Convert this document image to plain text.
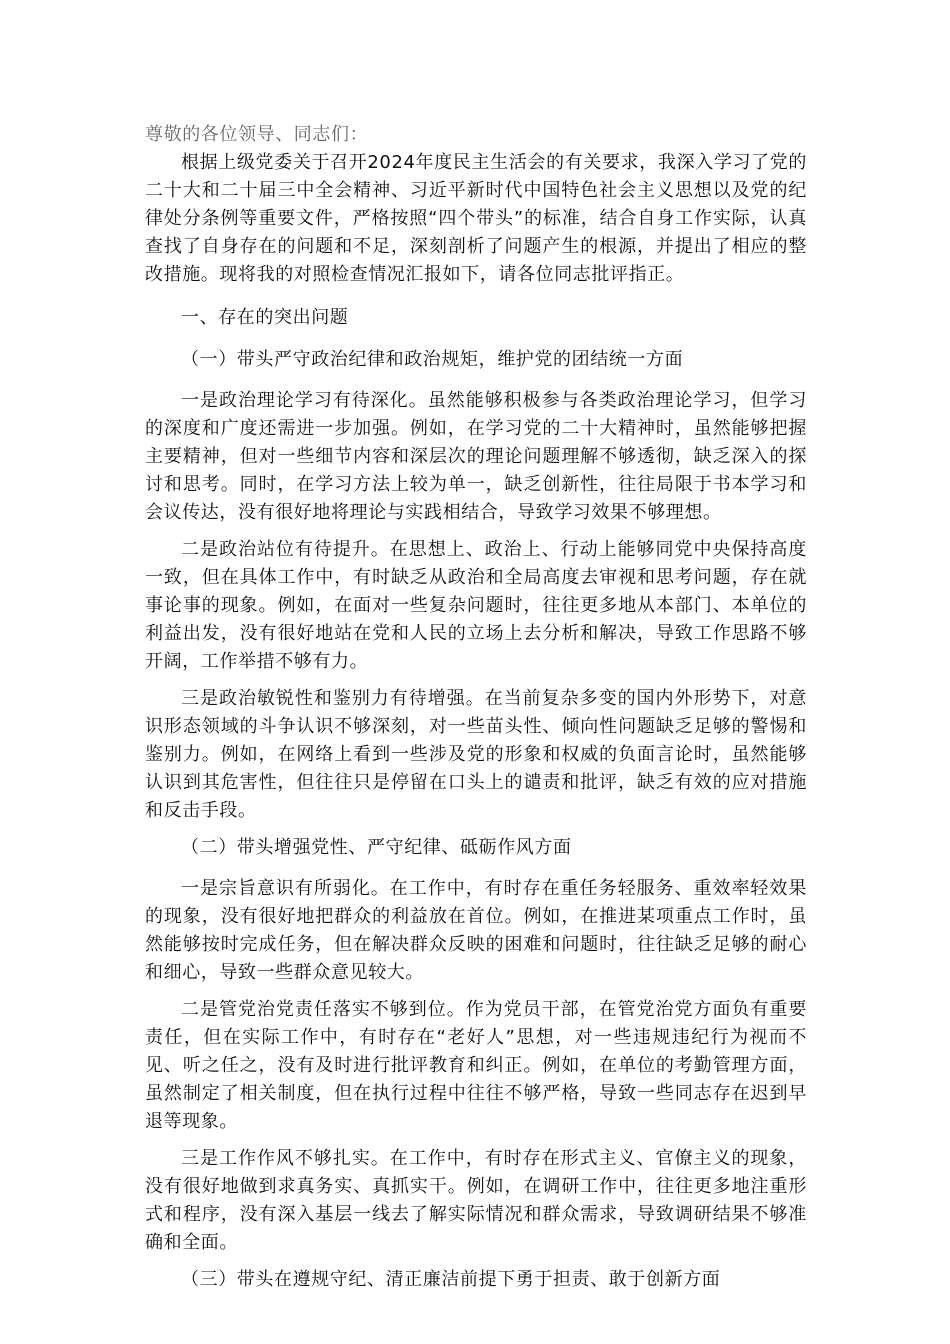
尊敬的各位领导、同志们：

根据上级党委关于召开2024年度民主生活会的有关要求，我深入学习了党的二十大和二十届三中全会精神、习近平新时代中国特色社会主义思想以及党的纪律处分条例等重要文件，严格按照“四个带头”的标准，结合自身工作实际，认真查找了自身存在的问题和不足，深刻剖析了问题产生的根源，并提出了相应的整改措施。现将我的对照检查情况汇报如下，请各位同志批评指正。

一、存在的突出问题

（一）带头严守政治纪律和政治规矩，维护党的团结统一方面

一是政治理论学习有待深化。虽然能够积极参与各类政治理论学习，但学习的深度和广度还需进一步加强。例如，在学习党的二十大精神时，虽然能够把握主要精神，但对一些细节内容和深层次的理论问题理解不够透彻，缺乏深入的探讨和思考。同时，在学习方法上较为单一，缺乏创新性，往往局限于书本学习和会议传达，没有很好地将理论与实践相结合，导致学习效果不够理想。

二是政治站位有待提升。在思想上、政治上、行动上能够同党中央保持高度一致，但在具体工作中，有时缺乏从政治和全局高度去审视和思考问题，存在就事论事的现象。例如，在面对一些复杂问题时，往往更多地从本部门、本单位的利益出发，没有很好地站在党和人民的立场上去分析和解决，导致工作思路不够开阔，工作举措不够有力。

三是政治敏锐性和鉴别力有待增强。在当前复杂多变的国内外形势下，对意识形态领域的斗争认识不够深刻，对一些苗头性、倾向性问题缺乏足够的警惕和鉴别力。例如，在网络上看到一些涉及党的形象和权威的负面言论时，虽然能够认识到其危害性，但往往只是停留在口头上的谴责和批评，缺乏有效的应对措施和反击手段。

（二）带头增强党性、严守纪律、砥砺作风方面

一是宗旨意识有所弱化。在工作中，有时存在重任务轻服务、重效率轻效果的现象，没有很好地把群众的利益放在首位。例如，在推进某项重点工作时，虽然能够按时完成任务，但在解决群众反映的困难和问题时，往往缺乏足够的耐心和细心，导致一些群众意见较大。

二是管党治党责任落实不够到位。作为党员干部，在管党治党方面负有重要责任，但在实际工作中，有时存在“老好人”思想，对一些违规违纪行为视而不见、听之任之，没有及时进行批评教育和纠正。例如，在单位的考勤管理方面，虽然制定了相关制度，但在执行过程中往往不够严格，导致一些同志存在迟到早退等现象。

三是工作作风不够扎实。在工作中，有时存在形式主义、官僚主义的现象，没有很好地做到求真务实、真抓实干。例如，在调研工作中，往往更多地注重形式和程序，没有深入基层一线去了解实际情况和群众需求，导致调研结果不够准确和全面。

（三）带头在遵规守纪、清正廉洁前提下勇于担责、敢于创新方面
